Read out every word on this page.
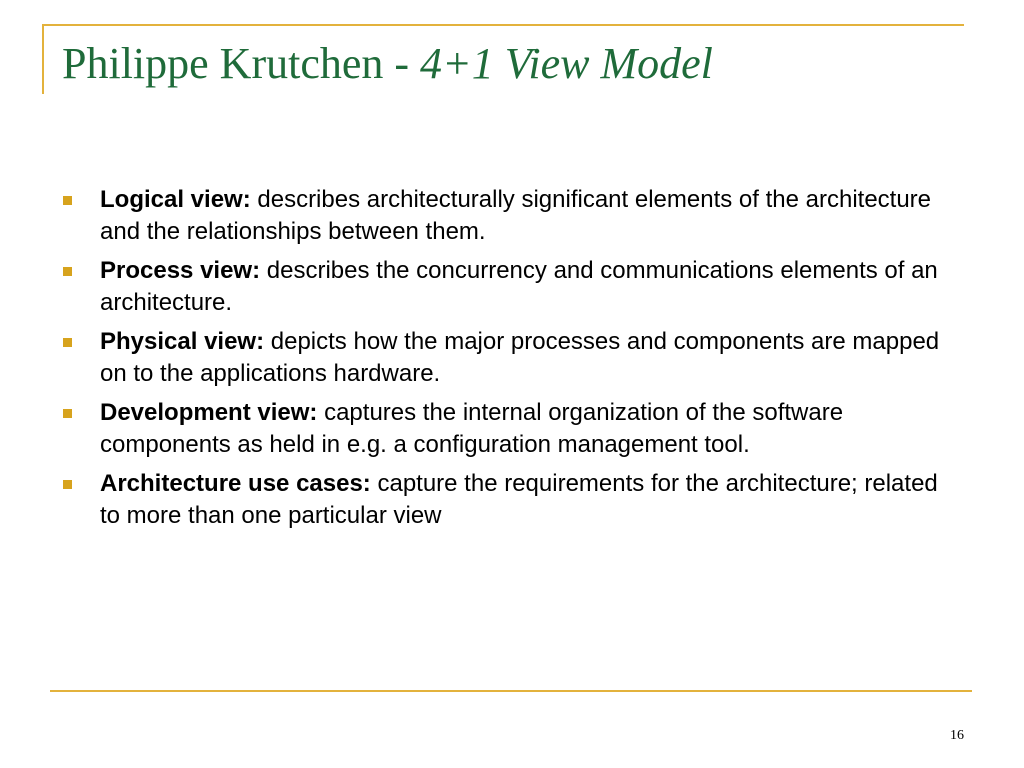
Philippe Krutchen - 4+1 View Model
Logical view: describes architecturally significant elements of the architecture and the relationships between them.
Process view: describes the concurrency and communications elements of an architecture.
Physical view: depicts how the major processes and components are mapped on to the applications hardware.
Development view: captures the internal organization of the software components as held in e.g. a configuration management tool.
Architecture use cases: capture the requirements for the architecture; related to more than one particular view
16
